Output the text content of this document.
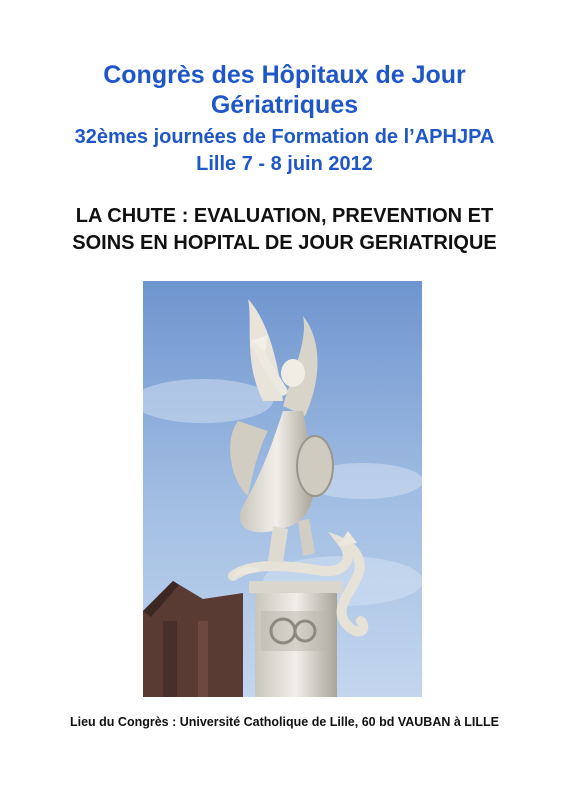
Congrès des Hôpitaux de Jour
Gériatriques
32èmes journées de Formation de l’APHJPA
Lille 7 - 8 juin 2012
LA CHUTE : EVALUATION, PREVENTION ET
SOINS EN HOPITAL DE JOUR GERIATRIQUE
Lieu du Congrès : Université Catholique de Lille, 60 bd VAUBAN à LILLE
